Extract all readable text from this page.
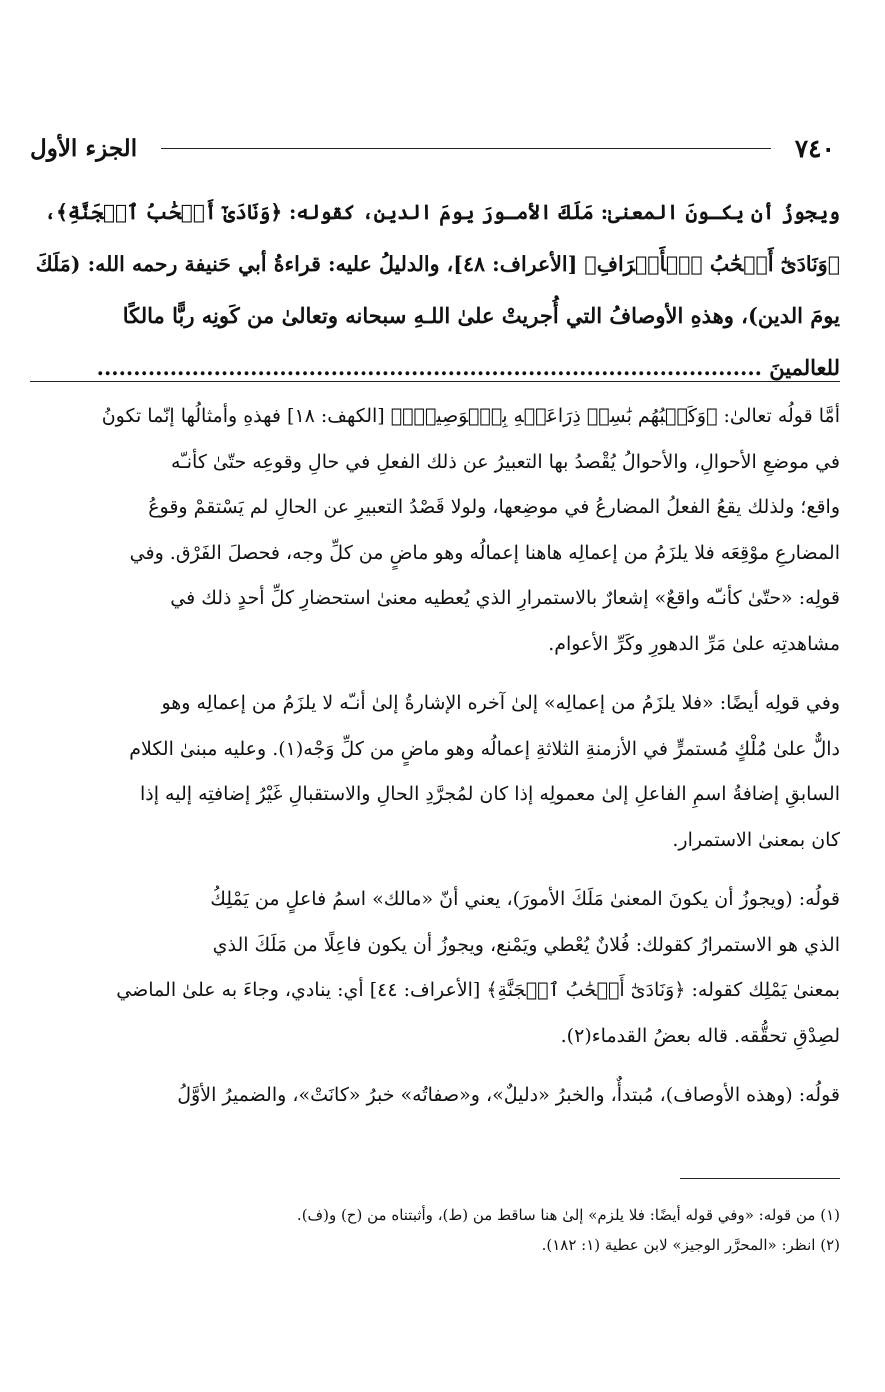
٧٤٠
الجزء الأول
ويجوزُ أن يكـونَ المعنىٰ: مَلَكَ الأمـورَ يومَ الدين، كقوله: ﴿وَنَادَىٰٓ أَصۡحَٰبُ ٱلۡجَنَّةِ﴾،
﴿وَنَادَىٰٓ أَصۡحَٰبُ ٱلۡأَعۡرَافِ﴾ [الأعراف: ٤٨]، والدليلُ عليه: قراءةُ أبي حَنيفة رحمه الله: (مَلَكَ
يومَ الدين)، وهذهِ الأوصافُ التي أُجريتْ علىٰ اللـهِ سبحانه وتعالىٰ من كَونِه ربًّا مالكًا
للعالمينَ ...........................................................................................
أمَّا قولُه تعالىٰ: ﴿وَكَلۡبُهُم بَٰسِطٞ ذِرَاعَيۡهِ بِٱلۡوَصِيدِۚ﴾ [الكهف: ١٨] فهذهِ وأمثالُها إنّما تكونُ
في موضعِ الأحوالِ، والأحوالُ يُقْصدُ بها التعبيرُ عن ذلك الفعلِ في حالِ وقوعِه حتّىٰ كأنـّه
واقع؛ ولذلك يقعُ الفعلُ المضارعُ في موضِعها، ولولا قَصْدُ التعبيرِ عن الحالِ لم يَسْتقمْ وقوعُ
المضارعِ موْقِعَه فلا يلزَمُ من إعمالِه هاهنا إعمالُه وهو ماضٍ من كلِّ وجه، فحصلَ الفَرْق. وفي
قولِه: «حتّىٰ كأنـّه واقعٌ» إشعارٌ بالاستمرارِ الذي يُعطيه معنىٰ استحضارِ كلِّ أحدٍ ذلك في
مشاهدتِه علىٰ مَرِّ الدهورِ وكَرِّ الأعوام.
وفي قولِه أيضًا: «فلا يلزَمُ من إعمالِه» إلىٰ آخره الإشارةُ إلىٰ أنـّه لا يلزَمُ من إعمالِه وهو
دالٌّ علىٰ مُلْكٍ مُستمرٍّ في الأزمنةِ الثلاثةِ إعمالُه وهو ماضٍ من كلِّ وَجْه(١). وعليه مبنىٰ الكلام
السابقِ إضافةُ اسمِ الفاعلِ إلىٰ معمولِه إذا كان لمُجرَّدِ الحالِ والاستقبالِ غَيْرُ إضافتِه إليه إذا
كان بمعنىٰ الاستمرار.
قولُه: (ويجوزُ أن يكونَ المعنىٰ مَلَكَ الأمورَ)، يعني أنّ «مالك» اسمُ فاعلٍ من يَمْلِكُ
الذي هو الاستمرارُ كقولك: فُلانٌ يُعْطي ويَمْنع، ويجوزُ أن يكون فاعِلًا من مَلَكَ الذي
بمعنىٰ يَمْلِك كقوله: ﴿وَنَادَىٰٓ أَصۡحَٰبُ ٱلۡجَنَّةِ﴾ [الأعراف: ٤٤] أي: ينادي، وجاءَ به علىٰ الماضي
لصِدْقِ تحقُّقه. قاله بعضُ القدماء(٢).
قولُه: (وهذه الأوصاف)، مُبتدأٌ، والخبرُ «دليلٌ»، و«صفاتُه» خبرُ «كانَتْ»، والضميرُ الأوَّلُ
(١) من قوله: «وفي قوله أيضًا: فلا يلزم» إلىٰ هنا ساقط من (ط)، وأثبتناه من (ح) و(ف).
(٢) انظر: «المحرَّر الوجيز» لابن عطية (١: ١٨٢).
